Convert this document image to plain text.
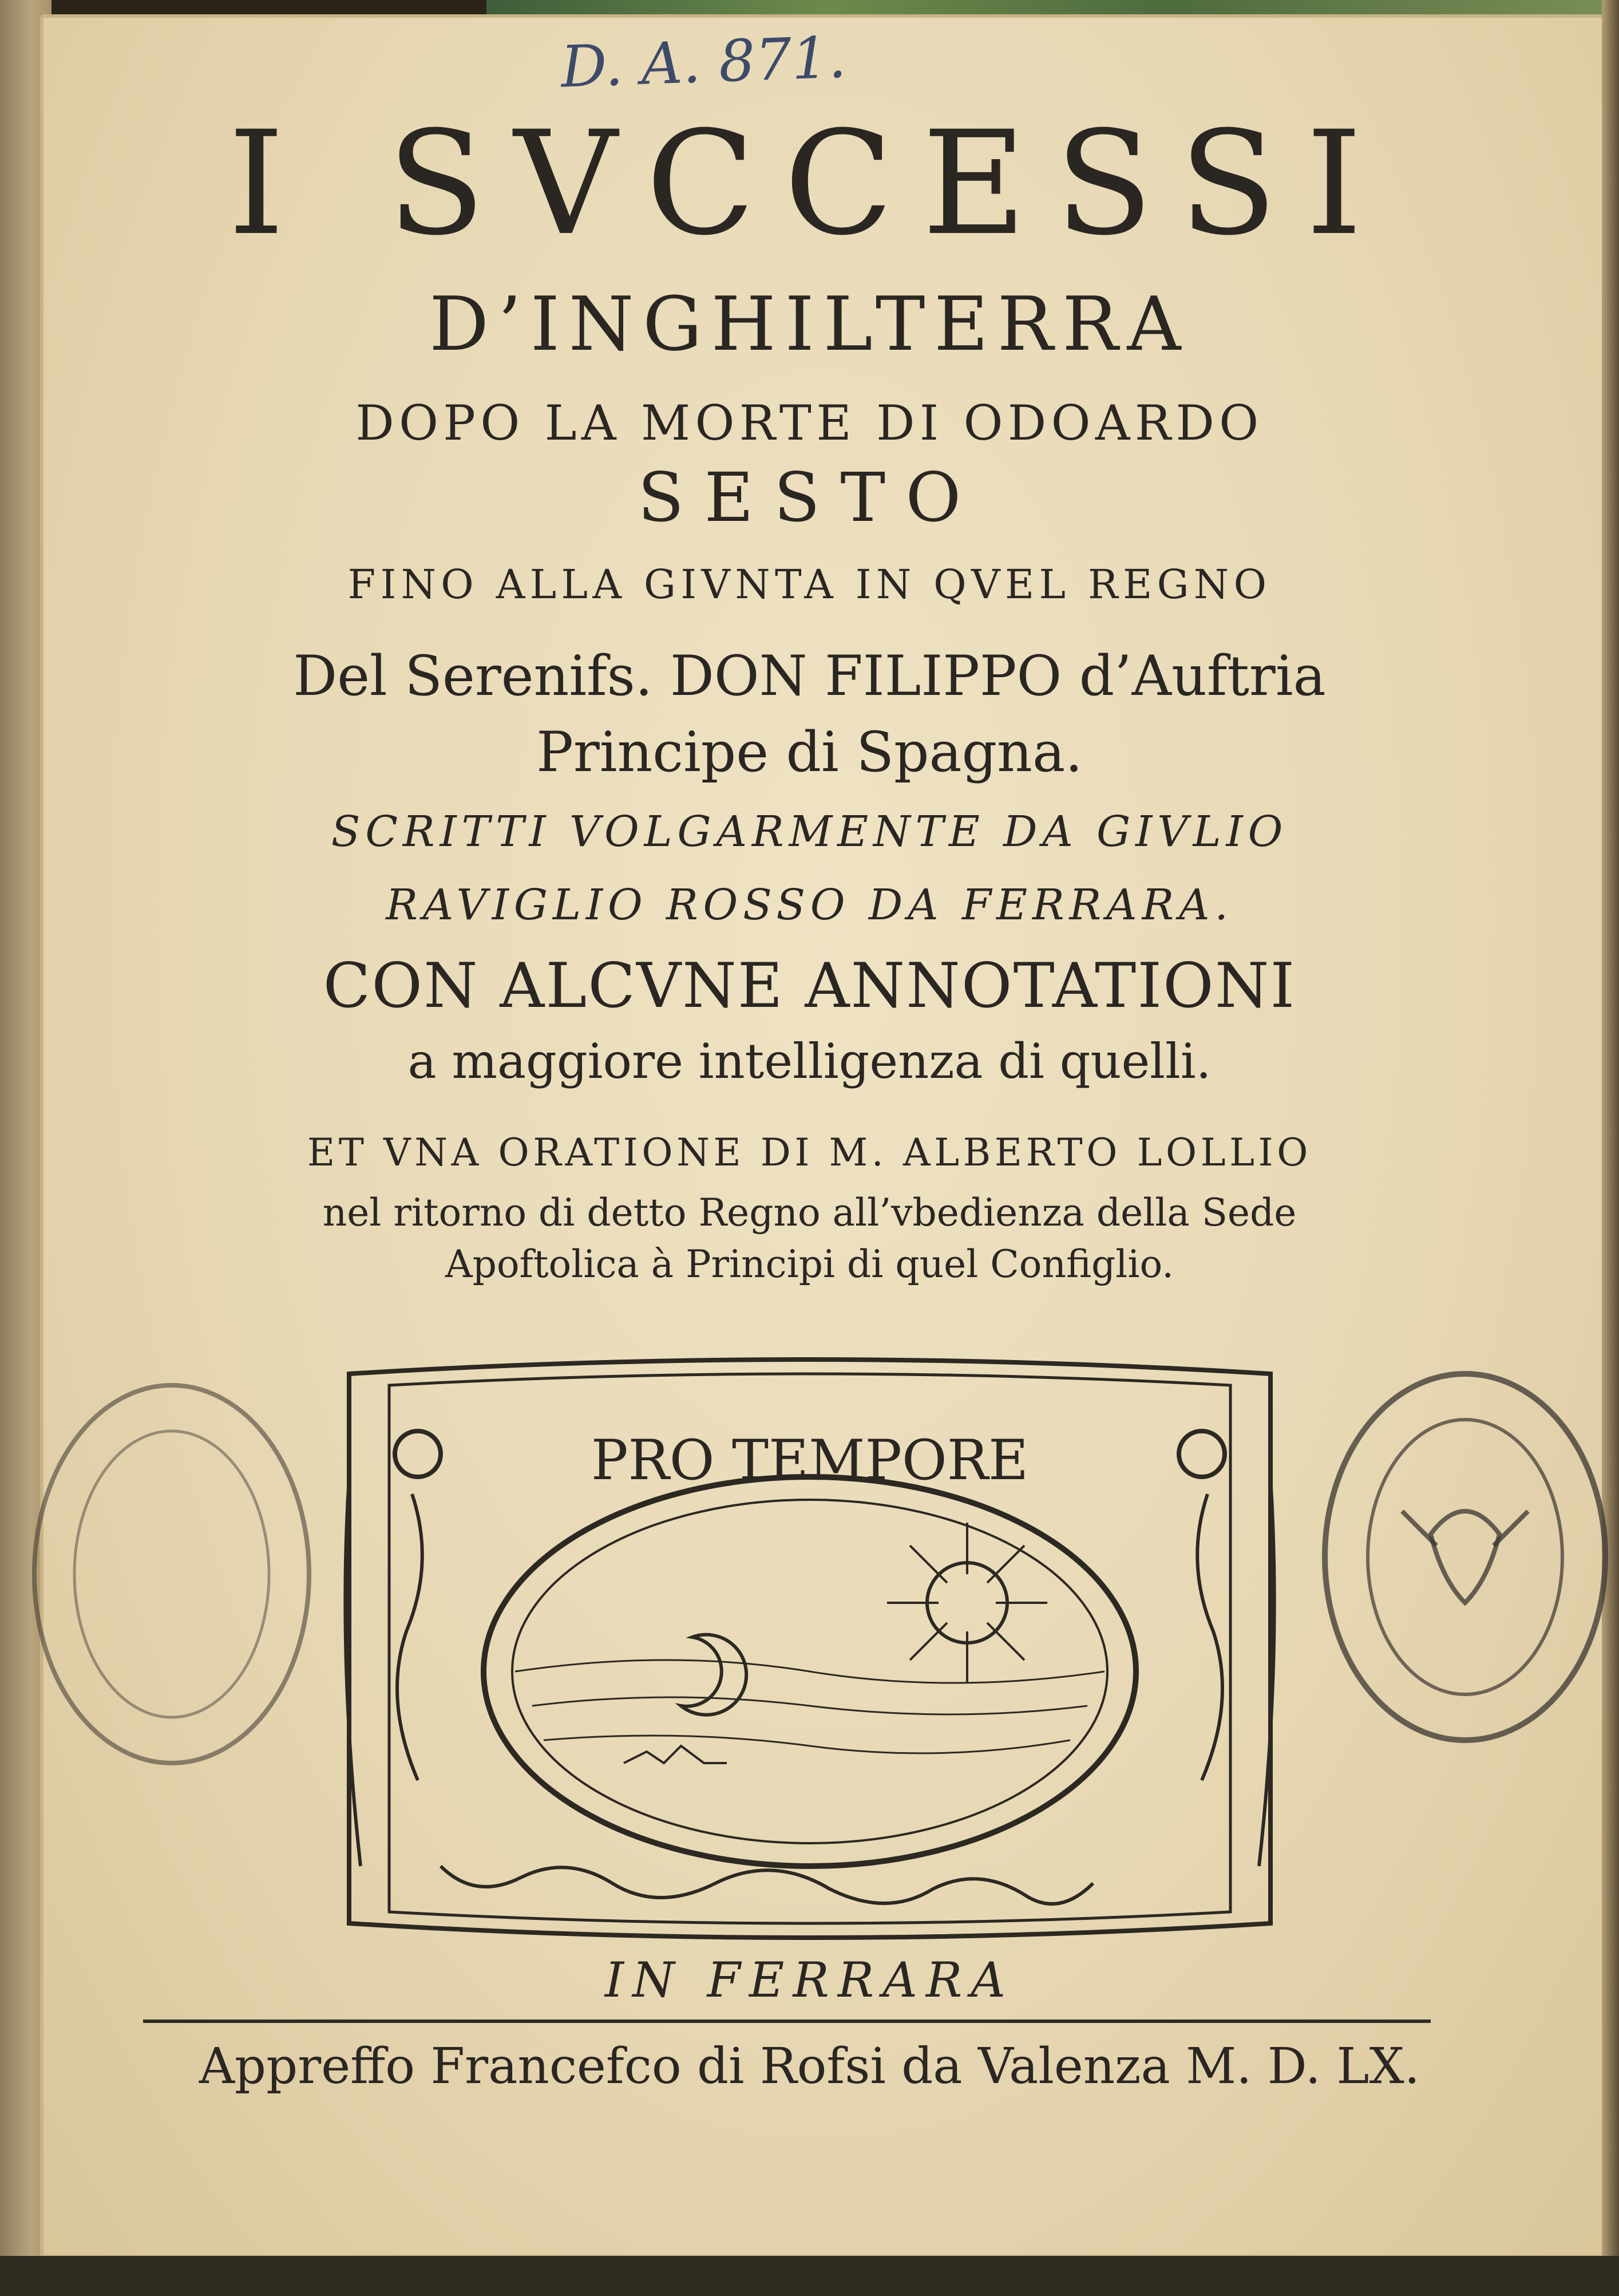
D. A. 871.
I SVCCESSI
D’INGHILTERRA
DOPO LA MORTE DI ODOARDO
SESTO
FINO ALLA GIVNTA IN QVEL REGNO
Del Serenifs. DON FILIPPO d’Auftria
Principe di Spagna.
SCRITTI VOLGARMENTE DA GIVLIO
RAVIGLIO ROSSO DA FERRARA.
CON ALCVNE ANNOTATIONI
a maggiore intelligenza di quelli.
ET VNA ORATIONE DI M. ALBERTO LOLLIO
nel ritorno di detto Regno all’vbedienza della Sede
Apoftolica à Principi di quel Configlio.
PRO TEMPORE
IN FERRARA
Appreffo Francefco di Rofsi da Valenza M. D. LX.
